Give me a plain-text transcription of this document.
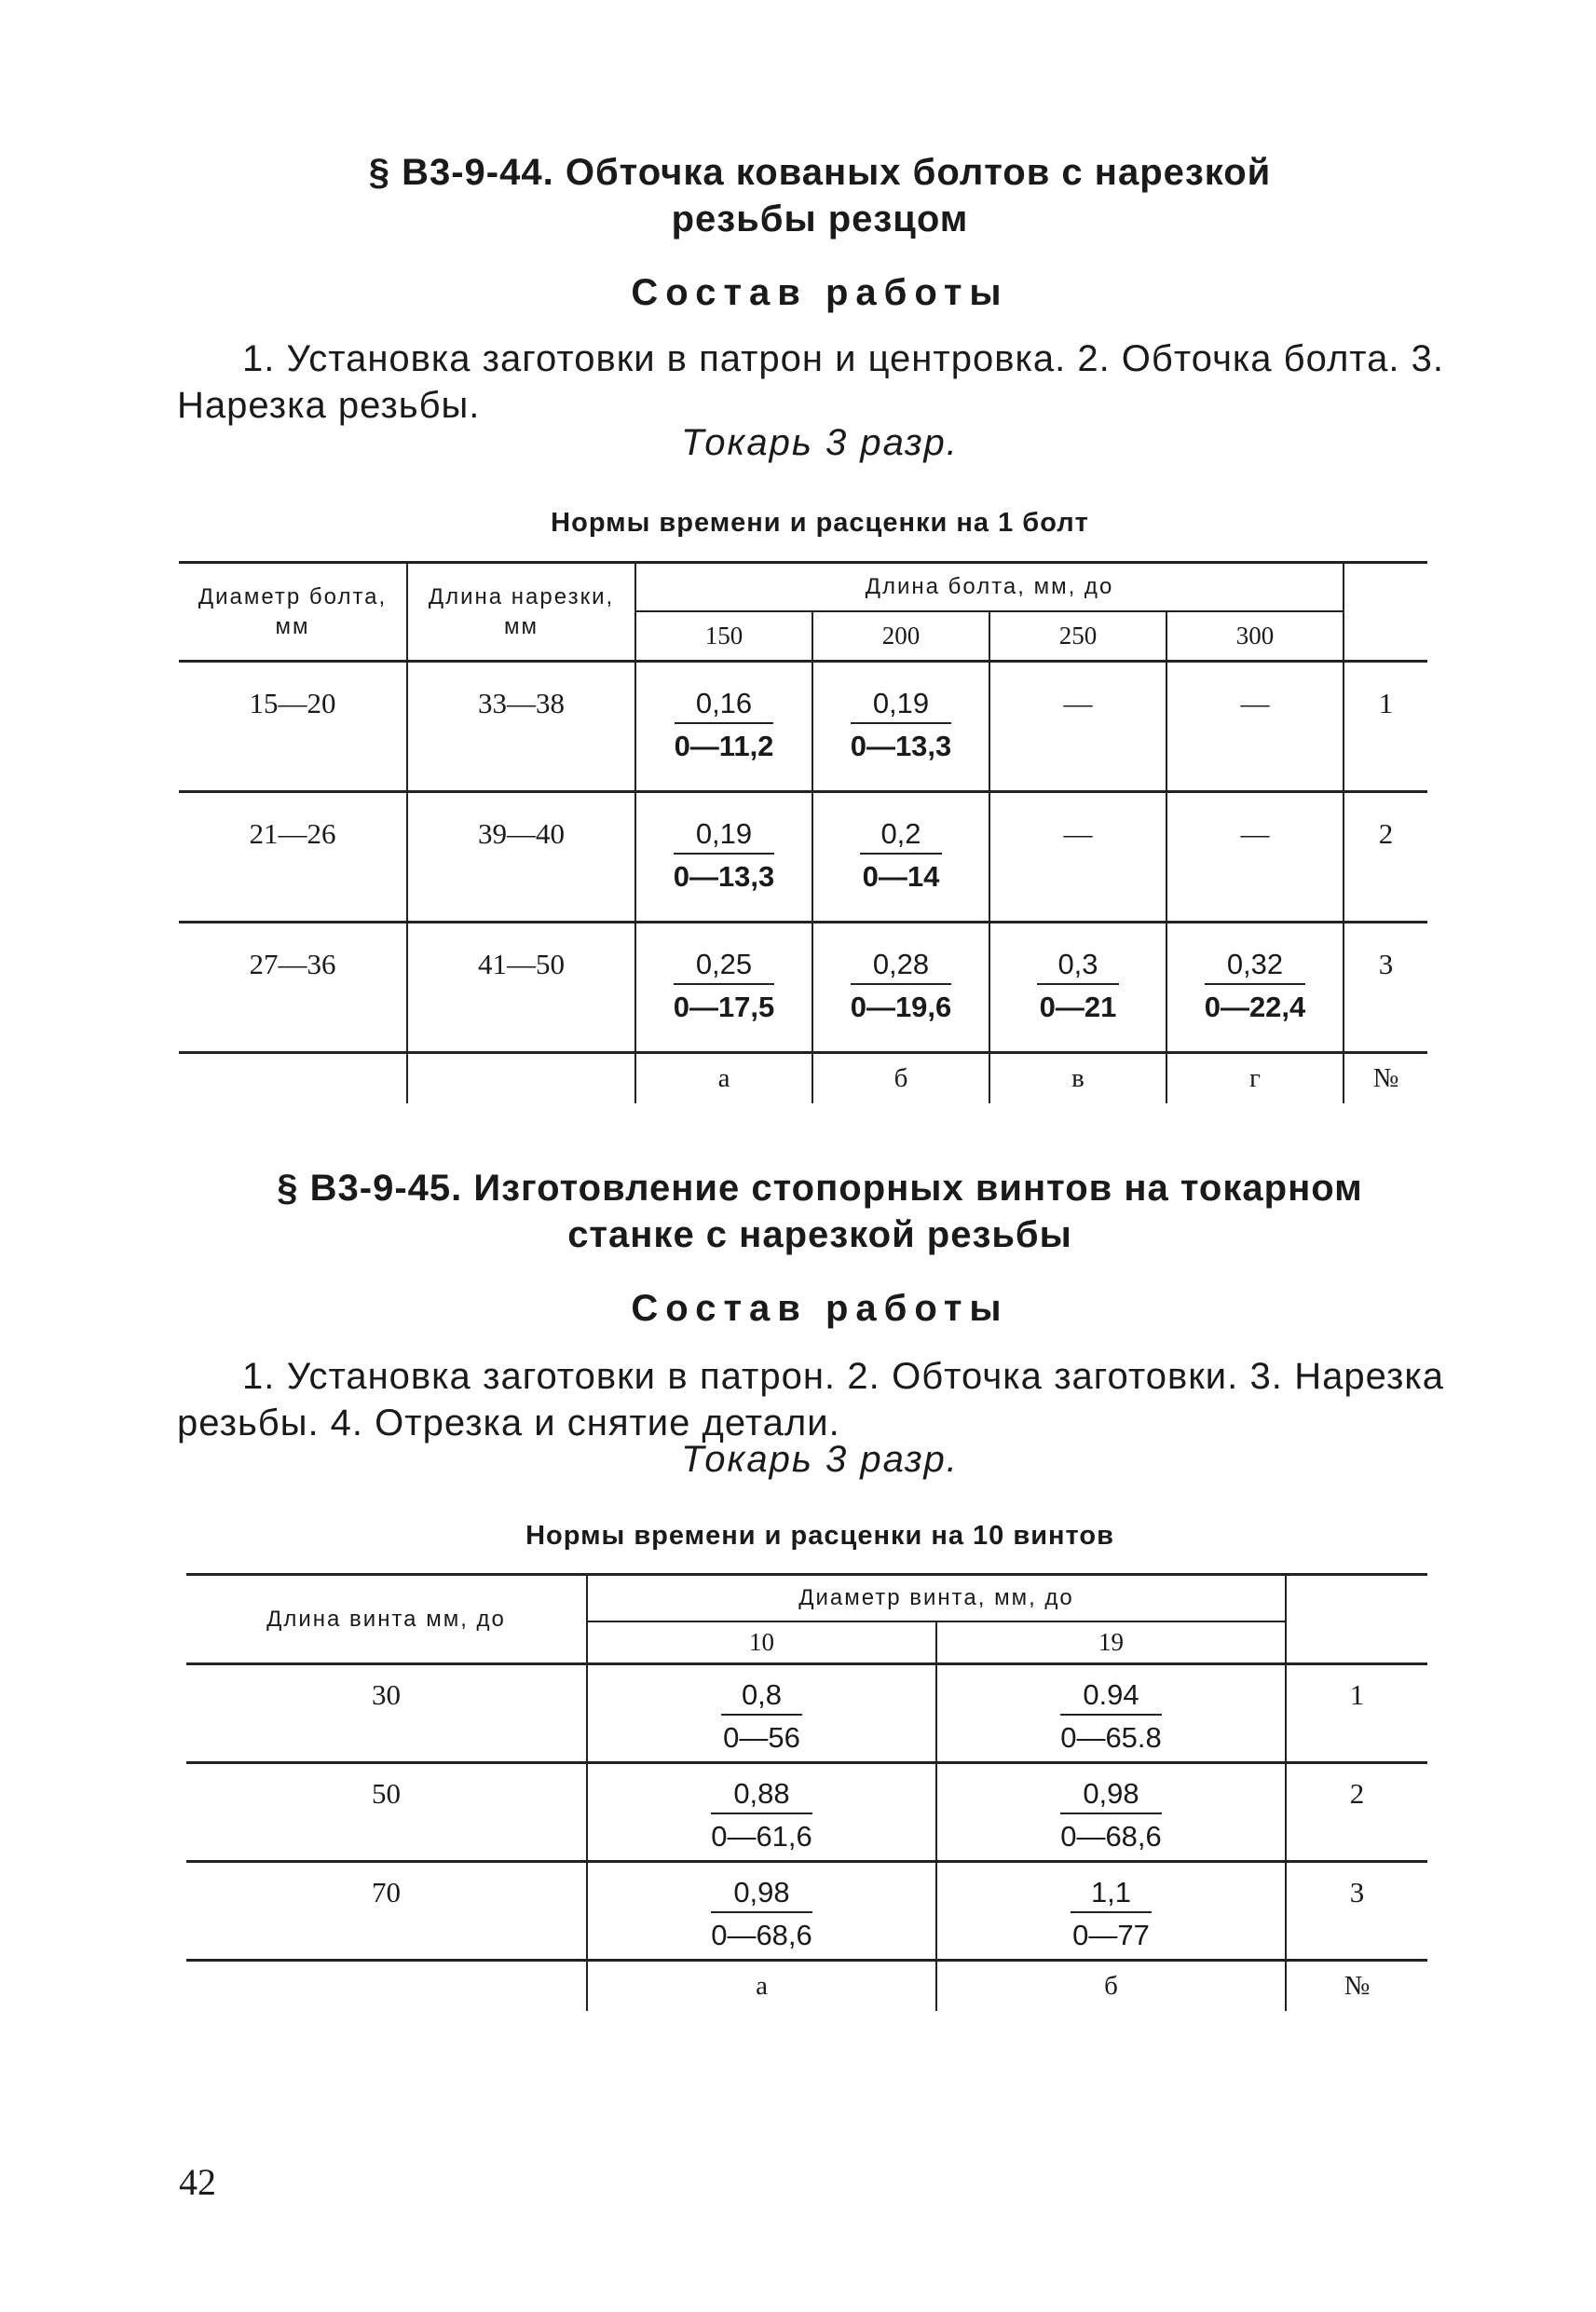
§ В3-9-44. Обточка кованых болтов с нарезкой
резьбы резцом
Состав работы
1. Установка заготовки в патрон и центровка. 2. Обточка болта. 3. Нарезка резьбы.
Токарь 3 разр.
Нормы времени и расценки на 1 болт
Диаметр болта, мм	Длина нарезки, мм	Длина болта, мм, до				
		150	200	250	300	
15—20	33—38	$\frac{0,16}{0—11,2}$	$\frac{0,19}{0—13,3}$	—	—	1
21—26	39—40	$\frac{0,19}{0—13,3}$	$\frac{0,2}{0—14}$	—	—	2
27—36	41—50	$\frac{0,25}{0—17,5}$	$\frac{0,28}{0—19,6}$	$\frac{0,3}{0—21}$	$\frac{0,32}{0—22,4}$	3
		а	б	в	г	№
§ В3-9-45. Изготовление стопорных винтов на токарном
станке с нарезкой резьбы
Состав работы
1. Установка заготовки в патрон. 2. Обточка заготовки. 3. Нарезка резьбы. 4. Отрезка и снятие детали.
Токарь 3 разр.
Нормы времени и расценки на 10 винтов
Длина винта мм, до	Диаметр винта, мм, до		
	10	19	
30	$\frac{0,8}{0—56}$	$\frac{0.94}{0—65.8}$	1
50	$\frac{0,88}{0—61,6}$	$\frac{0,98}{0—68,6}$	2
70	$\frac{0,98}{0—68,6}$	$\frac{1,1}{0—77}$	3
	а	б	№
42
